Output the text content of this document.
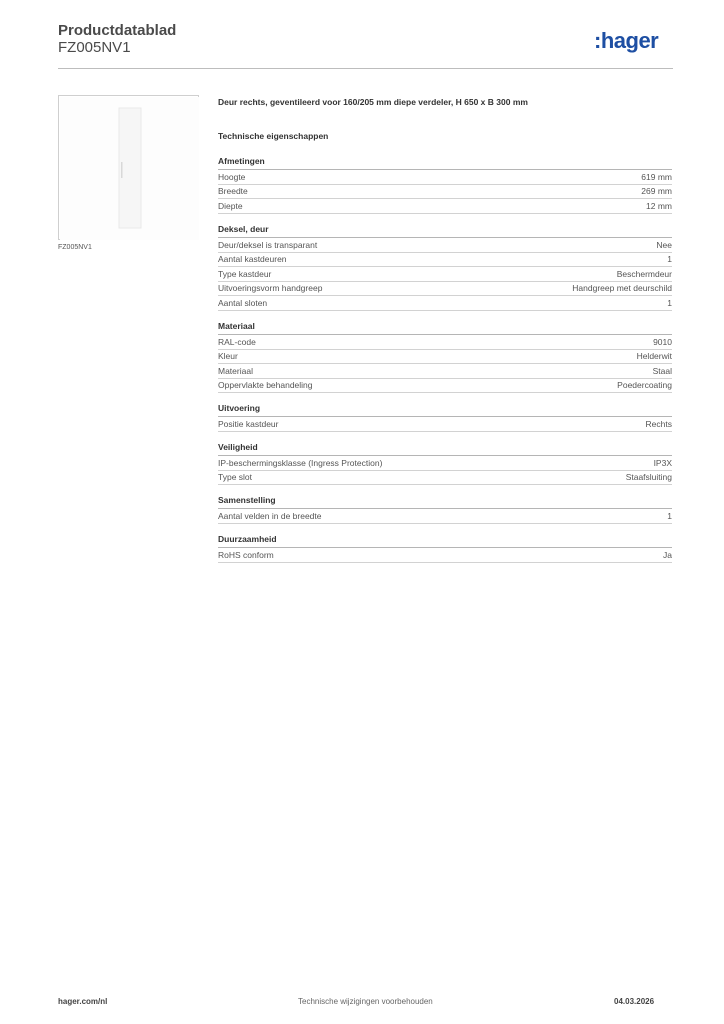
Productdatablad
FZ005NV1	:hager
FZ005NV1
Deur rechts, geventileerd voor 160/205 mm diepe verdeler, H 650 x B 300 mm
Technische eigenschappen
Afmetingen
Hoogte	619 mm
Breedte	269 mm
Diepte	12 mm
Deksel, deur
Deur/deksel is transparant	Nee
Aantal kastdeuren	1
Type kastdeur	Beschermdeur
Uitvoeringsvorm handgreep	Handgreep met deurschild
Aantal sloten	1
Materiaal
RAL-code	9010
Kleur	Helderwit
Materiaal	Staal
Oppervlakte behandeling	Poedercoating
Uitvoering
Positie kastdeur	Rechts
Veiligheid
IP-beschermingsklasse (Ingress Protection)	IP3X
Type slot	Staafsluiting
Samenstelling
Aantal velden in de breedte	1
Duurzaamheid
RoHS conform	Ja
hager.com/nl	Technische wijzigingen voorbehouden	04.03.2026
